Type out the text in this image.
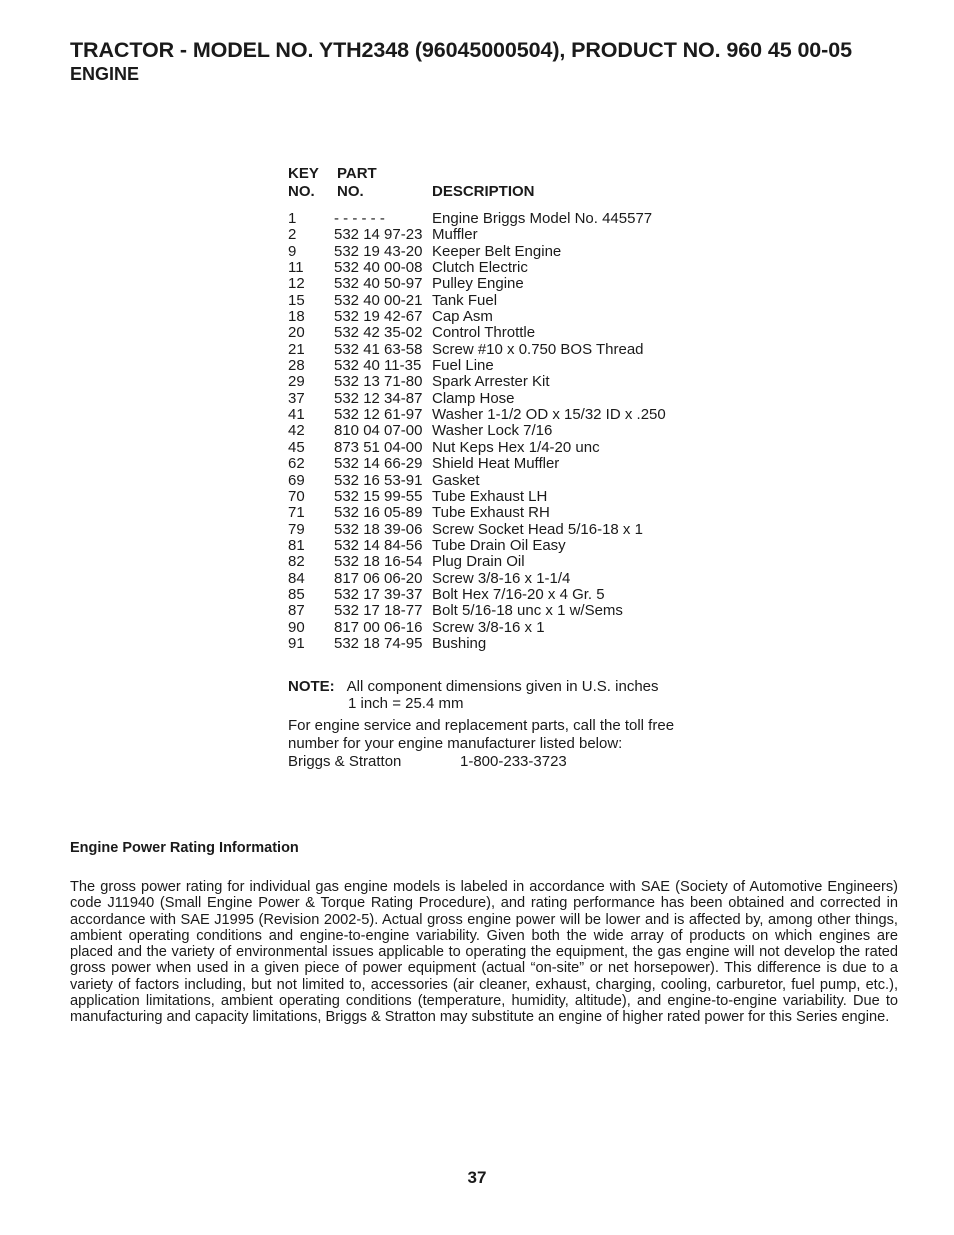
TRACTOR - MODEL NO. YTH2348 (96045000504), PRODUCT NO. 960 45 00-05
ENGINE
KEY
NO.
PART
NO.	DESCRIPTION
1	- - - - - -	Engine Briggs Model No. 445577
2	532 14 97-23 Muffler
9	532 19 43-20 Keeper Belt Engine
11 532 40 00-08 Clutch Electric
12 532 40 50-97 Pulley Engine
15 532 40 00-21 Tank Fuel
18 532 19 42-67 Cap Asm
20 532 42 35-02 Control Throttle
21 532 41 63-58 Screw #10 x 0.750 BOS Thread
28 532 40 11-35 Fuel Line
29 532 13 71-80 Spark Arrester Kit
37 532 12 34-87 Clamp Hose
41 532 12 61-97 Washer 1-1/2 OD x 15/32 ID x .250
42 810 04 07-00 Washer Lock 7/16
45 873 51 04-00 Nut Keps Hex 1/4-20 unc
62 532 14 66-29 Shield Heat Muffler
69 532 16 53-91 Gasket
70 532 15 99-55 Tube Exhaust LH
71 532 16 05-89 Tube Exhaust RH
79 532 18 39-06 Screw Socket Head 5/16-18 x 1
81 532 14 84-56 Tube Drain Oil Easy
82 532 18 16-54 Plug Drain Oil
84 817 06 06-20 Screw 3/8-16 x 1-1/4
85 532 17 39-37 Bolt Hex 7/16-20 x 4 Gr. 5
87 532 17 18-77 Bolt 5/16-18 unc x 1 w/Sems
90 817 00 06-16 Screw 3/8-16 x 1
91 532 18 74-95 Bushing
NOTE: All component dimensions given in U.S. inches
1 inch = 25.4 mm
For engine service and replacement parts, call the toll free number for your engine manufacturer listed below:
Briggs & Stratton	1-800-233-3723
Engine Power Rating Information
The gross power rating for individual gas engine models is labeled in accordance with SAE (Society of Automotive Engineers) code J11940 (Small Engine Power & Torque Rating Procedure), and rating performance has been obtained and corrected in accordance with SAE J1995 (Revision 2002-5). Actual gross engine power will be lower and is affected by, among other things, ambient operating conditions and engine-to-engine variability. Given both the wide array of products on which engines are placed and the variety of environmental issues applicable to operating the equipment, the gas engine will not develop the rated gross power when used in a given piece of power equipment (actual “on-site” or net horsepower). This difference is due to a variety of factors including, but not limited to, accessories (air cleaner, exhaust, charging, cooling, carburetor, fuel pump, etc.), application limitations, ambient operating conditions (temperature, humidity, altitude), and engine-to-engine variability. Due to manufacturing and capacity limitations, Briggs & Stratton may substitute an engine of higher rated power for this Series engine.
37
